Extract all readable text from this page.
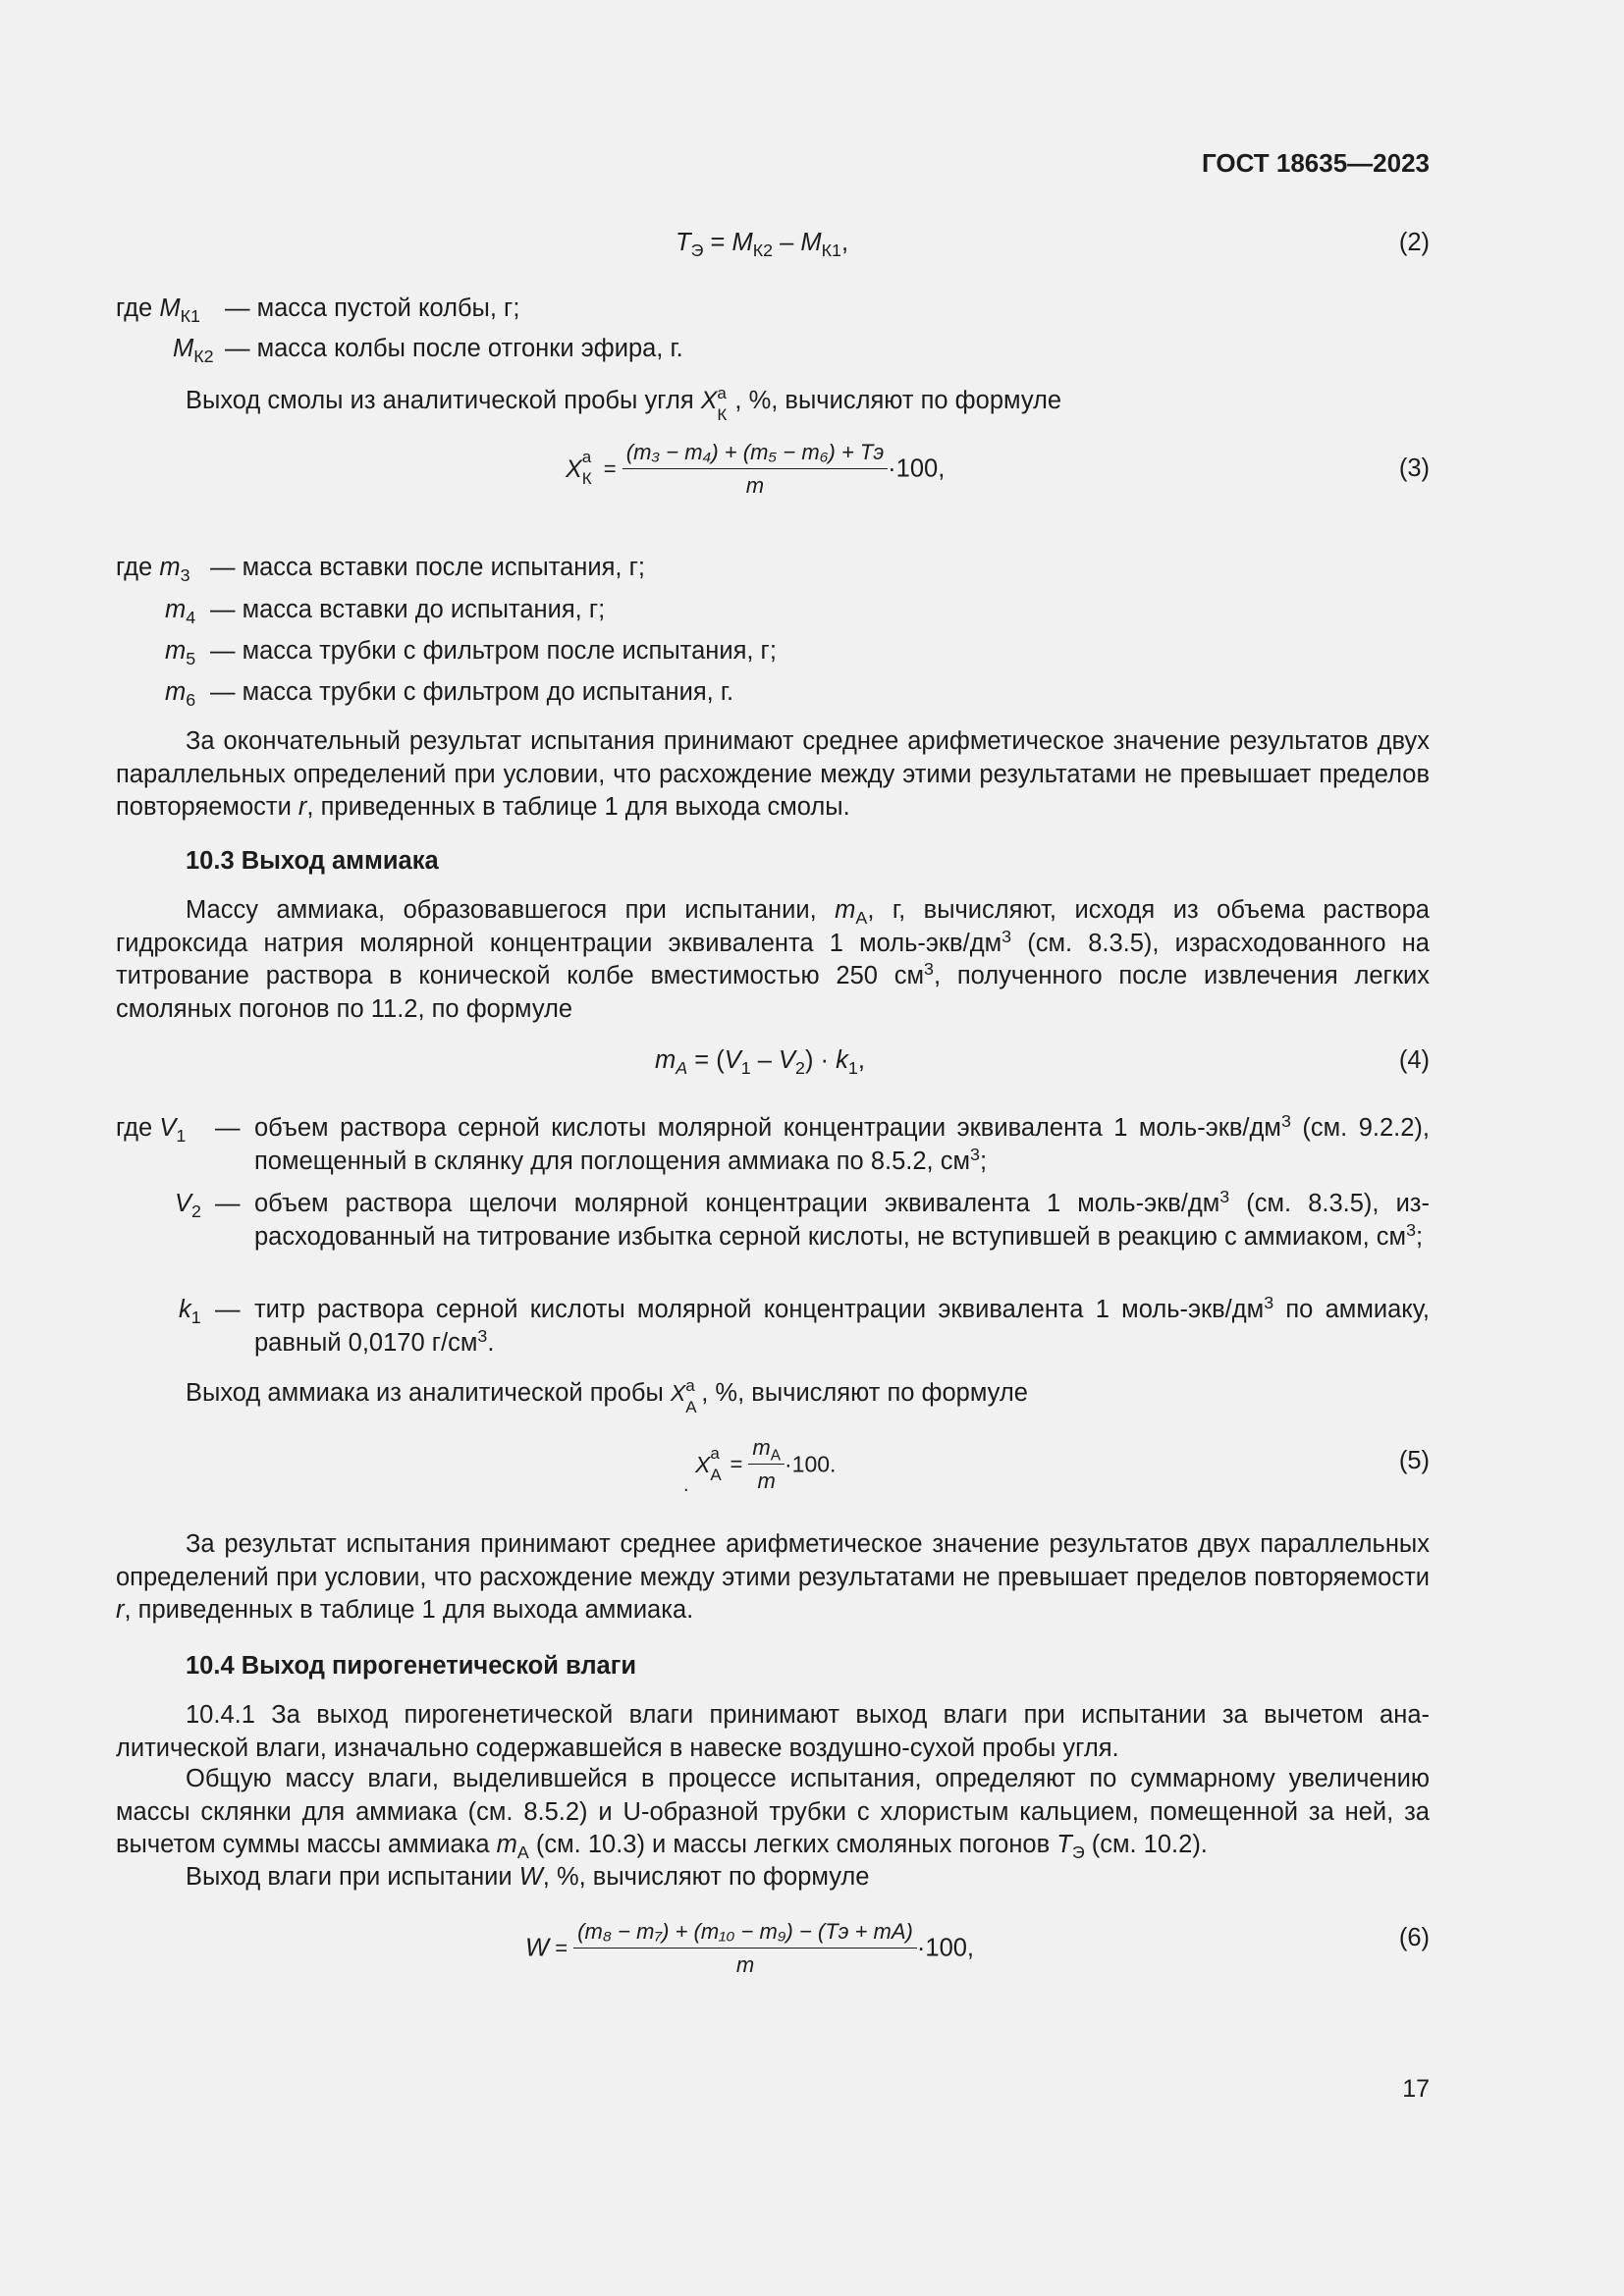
ГОСТ 18635—2023
$T_Э = M_{К2} - M_{К1}$,	(2)
где $M_{К1}$ — масса пустой колбы, г;
$M_{К2}$ — масса колбы после отгонки эфира, г.
Выход смолы из аналитической пробы угля X а
К
, %, вычисляют по формуле
X а
$К = \frac{\text{(m₃ − m₄) + (m₅ − m₆) + Tэ}}{m} \cdot 100$,	(3)
где $m_3$ — масса вставки после испытания, г;
$m_4$ — масса вставки до испытания, г;
$m_5$ — масса трубки с фильтром после испытания, г;
$m_6$ — масса трубки с фильтром до испытания, г.
За окончательный результат испытания принимают среднее арифметическое значение результатов двух параллельных определений при условии, что расхождение между этими результатами не превышает пределов повторяемости r, приведенных в таблице 1 для выхода смолы.
10.3 Выход аммиака
Массу аммиака, образовавшегося при испытании, $m_A$, г, вычисляют, исходя из объема раствора гидроксида натрия молярной концентрации эквивалента 1 моль-$экв/дм^3$ (см. 8.3.5), израсходованного на титрование раствора в конической колбе вместимостью 250 $см^3$, полученного после извлечения легких смоляных погонов по 11.2, по формуле
$m_A = (V_1 - V_2) \cdot k_1$,	(4)
где $V_1$ — объем раствора серной кислоты молярной концентрации эквивалента 1 моль-$экв/дм^3$ (см. 9.2.2), помещенный в склянку для поглощения аммиака по 8.5.2, $см^3$;
$V_2$ — объем раствора щелочи молярной концентрации эквивалента 1 моль-$экв/дм^3$ (см. 8.3.5), израсходованный на титрование избытка серной кислоты, не вступившей в реакцию с аммиаком, $см^3$;
$k_1$ — титр раствора серной кислоты молярной концентрации эквивалента 1 моль-$экв/дм^3$ по аммиаку, равный 0,0170 $г/см^3$.
Выход аммиака из аналитической пробы X а
A
, %, вычисляют по формуле
X а
$A = \frac{m_A}{m} \cdot 100$.
.
(5)
За результат испытания принимают среднее арифметическое значение результатов двух параллельных определений при условии, что расхождение между этими результатами не превышает пределов повторяемости r, приведенных в таблице 1 для выхода аммиака.
10.4 Выход пирогенетической влаги
10.4.1 За выход пирогенетической влаги принимают выход влаги при испытании за вычетом аналитической влаги, изначально содержавшейся в навеске воздушно-сухой пробы угля.
Общую массу влаги, выделившейся в процессе испытания, определяют по суммарному увеличению массы склянки для аммиака (см. 8.5.2) и U-образной трубки с хлористым кальцием, помещенной за ней, за вычетом суммы массы аммиака $m_A$ (см. 10.3) и массы легких смоляных погонов $T_Э$ (см. 10.2).
Выход влаги при испытании W, %, вычисляют по формуле
$W = \frac{\text{(m₈ − m₇) + (m₁₀ − m₉) − (Tэ + mA)}}{m} \cdot 100$,	(6)
17
